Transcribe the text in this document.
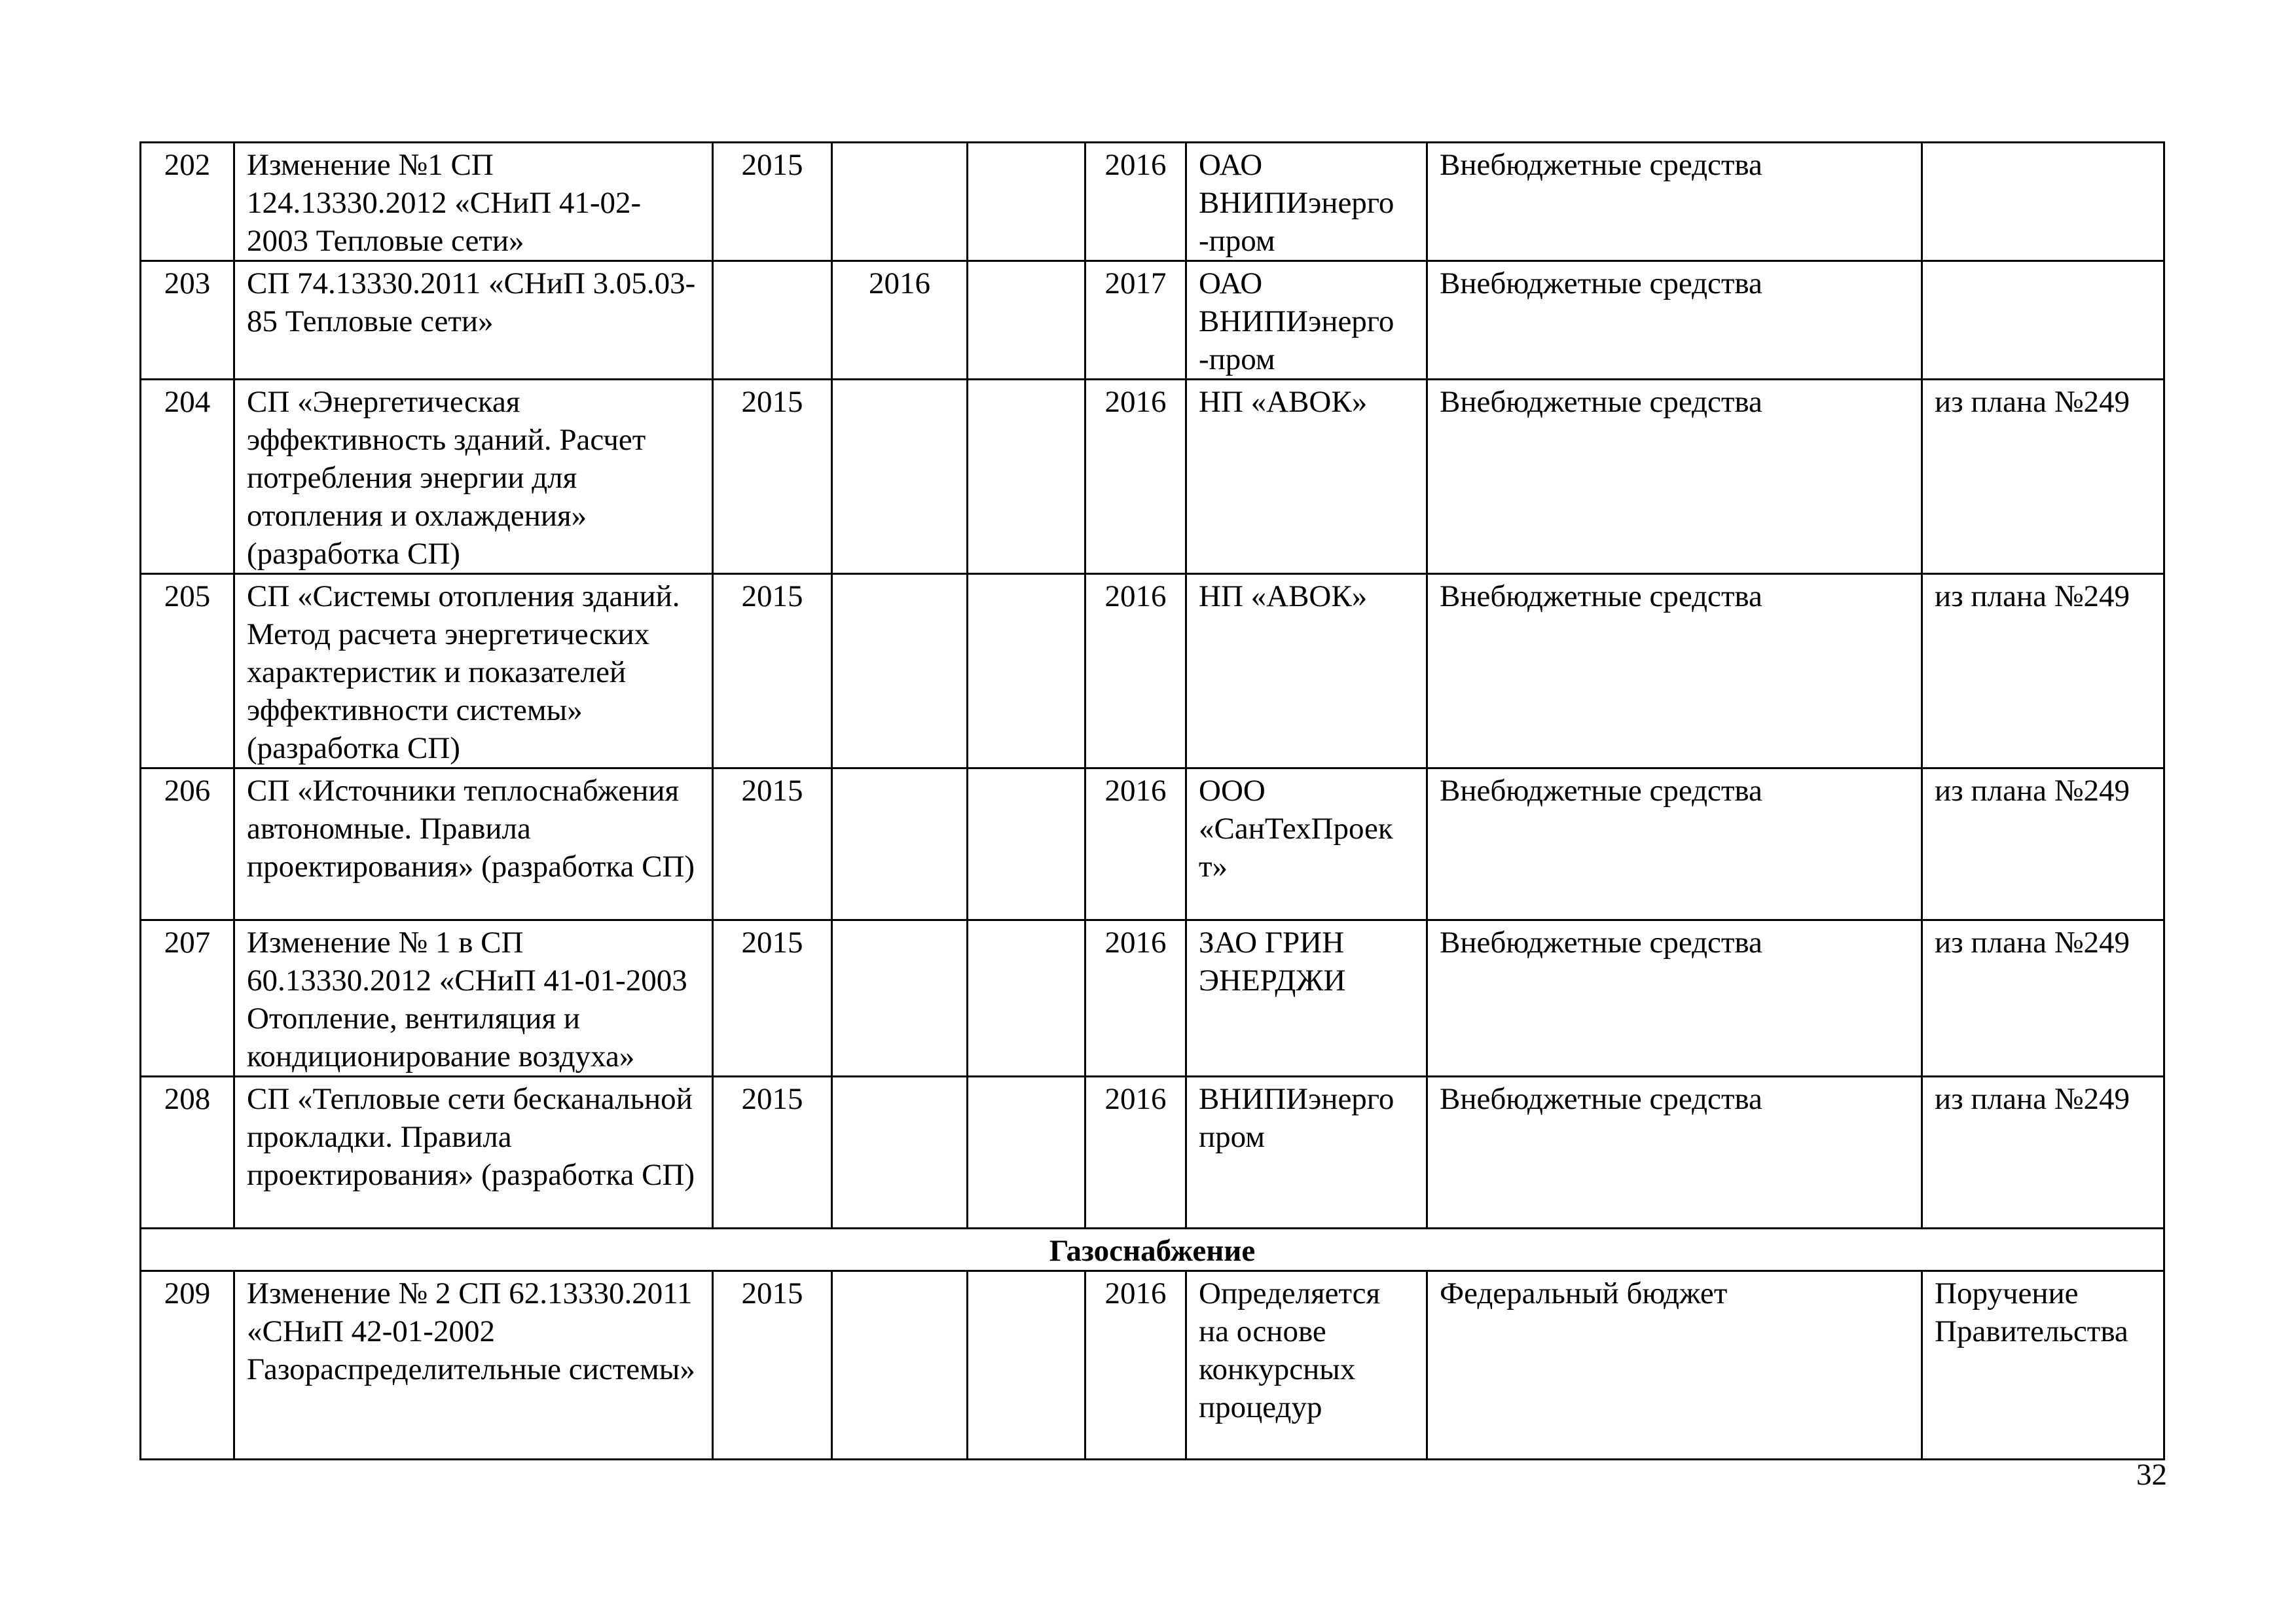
202	Изменение №1 СП 124.13330.2012 «СНиП 41-02-2003 Тепловые сети»	2015			2016	ОАО ВНИПИэнерго -пром	Внебюджетные средства	
203	СП 74.13330.2011 «СНиП 3.05.03-85 Тепловые сети»		2016		2017	ОАО ВНИПИэнерго -пром	Внебюджетные средства	
204	СП «Энергетическая эффективность зданий. Расчет потребления энергии для отопления и охлаждения» (разработка СП)	2015			2016	НП «АВОК»	Внебюджетные средства	из плана №249
205	СП «Системы отопления зданий. Метод расчета энергетических характеристик и показателей эффективности системы» (разработка СП)	2015			2016	НП «АВОК»	Внебюджетные средства	из плана №249
206	СП «Источники теплоснабжения автономные. Правила проектирования» (разработка СП)	2015			2016	ООО «СанТехПроек т»	Внебюджетные средства	из плана №249
207	Изменение № 1 в СП 60.13330.2012 «СНиП 41-01-2003 Отопление, вентиляция и кондиционирование воздуха»	2015			2016	ЗАО ГРИН ЭНЕРДЖИ	Внебюджетные средства	из плана №249
208	СП «Тепловые сети бесканальной прокладки. Правила проектирования» (разработка СП)	2015			2016	ВНИПИэнерго пром	Внебюджетные средства	из плана №249
Газоснабжение								
209	Изменение № 2 СП 62.13330.2011 «СНиП 42-01-2002 Газораспределительные системы»	2015			2016	Определяется на основе конкурсных процедур	Федеральный бюджет	Поручение Правительства
32
